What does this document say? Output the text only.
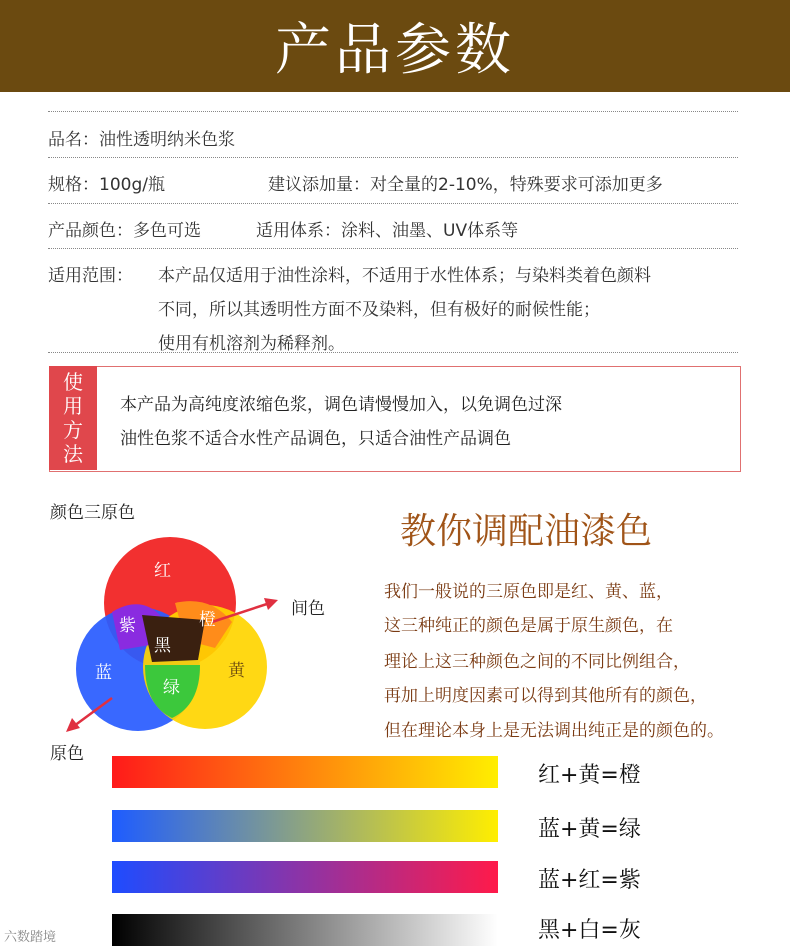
产品参数
品名：油性透明纳米色浆
规格：100g/瓶	建议添加量：对全量的2-10%，特殊要求可添加更多
产品颜色：多色可选	适用体系：涂料、油墨、UV体系等
适用范围： 本产品仅适用于油性涂料，不适用于水性体系；与染料类着色颜料
不同，所以其透明性方面不及染料，但有极好的耐候性能；
使用有机溶剂为稀释剂。
使用方法
本产品为高纯度浓缩色浆，调色请慢慢加入，以免调色过深
油性色浆不适合水性产品调色，只适合油性产品调色
颜色三原色
红
紫	橙
黑
蓝
绿
黄
间色
原色
教你调配油漆色
我们一般说的三原色即是红、黄、蓝，
这三种纯正的颜色是属于原生颜色，在
理论上这三种颜色之间的不同比例组合，
再加上明度因素可以得到其他所有的颜色，
但在理论本身上是无法调出纯正是的颜色的。
红+黄=橙
蓝+黄=绿
蓝+红=紫
黑+白=灰
六数踏境
